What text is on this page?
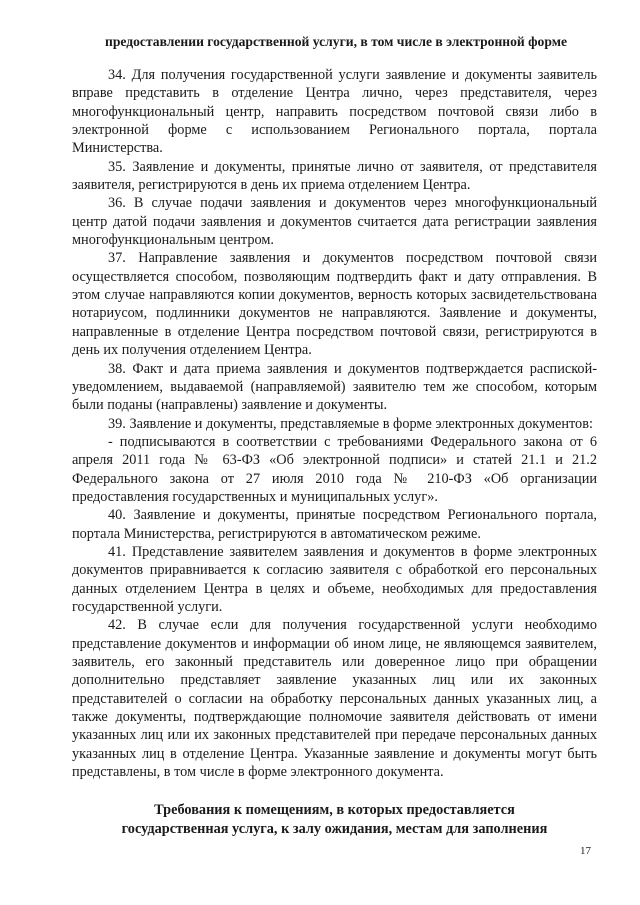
предоставлении государственной услуги, в том числе в электронной форме

34. Для получения государственной услуги заявление и документы заявитель вправе представить в отделение Центра лично, через представителя, через многофункциональный центр, направить посредством почтовой связи либо в электронной форме с использованием Регионального портала, портала Министерства.

35. Заявление и документы, принятые лично от заявителя, от представителя заявителя, регистрируются в день их приема отделением Центра.

36. В случае подачи заявления и документов через многофункциональный центр датой подачи заявления и документов считается дата регистрации заявления многофункциональным центром.

37. Направление заявления и документов посредством почтовой связи осуществляется способом, позволяющим подтвердить факт и дату отправления. В этом случае направляются копии документов, верность которых засвидетельствована нотариусом, подлинники документов не направляются. Заявление и документы, направленные в отделение Центра посредством почтовой связи, регистрируются в день их получения отделением Центра.

38. Факт и дата приема заявления и документов подтверждается распиской-уведомлением, выдаваемой (направляемой) заявителю тем же способом, которым были поданы (направлены) заявление и документы.

39. Заявление и документы, представляемые в форме электронных документов:

- подписываются в соответствии с требованиями Федерального закона от 6 апреля 2011 года № 63-ФЗ «Об электронной подписи» и статей 21.1 и 21.2 Федерального закона от 27 июля 2010 года № 210-ФЗ «Об организации предоставления государственных и муниципальных услуг».

40. Заявление и документы, принятые посредством Регионального портала, портала Министерства, регистрируются в автоматическом режиме.

41. Представление заявителем заявления и документов в форме электронных документов приравнивается к согласию заявителя с обработкой его персональных данных отделением Центра в целях и объеме, необходимых для предоставления государственной услуги.

42. В случае если для получения государственной услуги необходимо представление документов и информации об ином лице, не являющемся заявителем, заявитель, его законный представитель или доверенное лицо при обращении дополнительно представляет заявление указанных лиц или их законных представителей о согласии на обработку персональных данных указанных лиц, а также документы, подтверждающие полномочие заявителя действовать от имени указанных лиц или их законных представителей при передаче персональных данных указанных лиц в отделение Центра. Указанные заявление и документы могут быть представлены, в том числе в форме электронного документа.

Требования к помещениям, в которых предоставляется
государственная услуга, к залу ожидания, местам для заполнения
17
